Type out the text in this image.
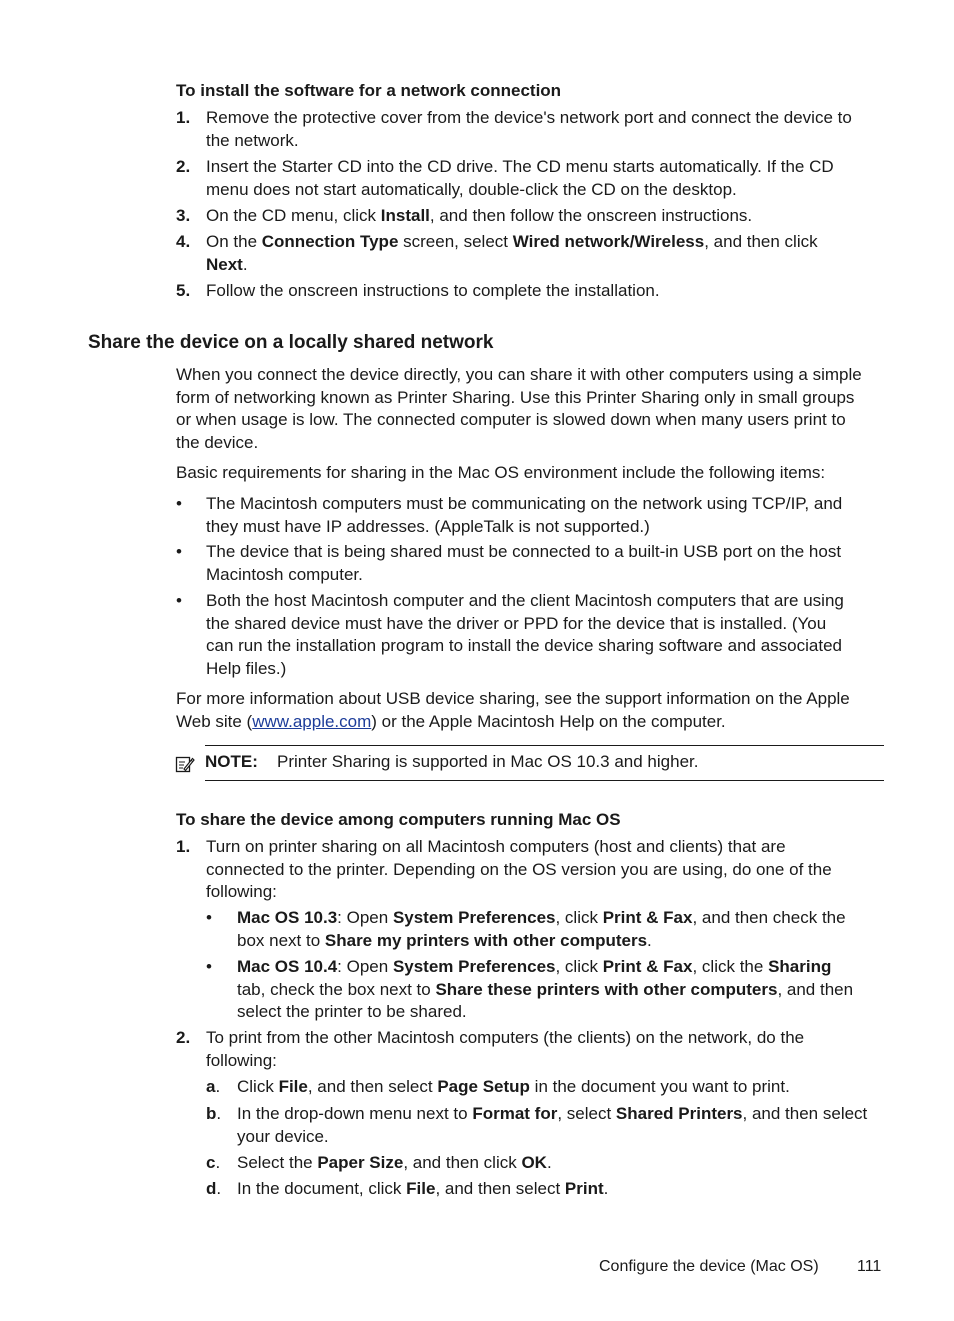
To install the software for a network connection
1. Remove the protective cover from the device's network port and connect the device to the network.
2. Insert the Starter CD into the CD drive. The CD menu starts automatically. If the CD menu does not start automatically, double-click the CD on the desktop.
3. On the CD menu, click Install, and then follow the onscreen instructions.
4. On the Connection Type screen, select Wired network/Wireless, and then click
Next.
5. Follow the onscreen instructions to complete the installation.
Share the device on a locally shared network
When you connect the device directly, you can share it with other computers using a simple form of networking known as Printer Sharing. Use this Printer Sharing only in small groups or when usage is low. The connected computer is slowed down when many users print to the device.
Basic requirements for sharing in the Mac OS environment include the following items:
•	The Macintosh computers must be communicating on the network using TCP/IP, and they must have IP addresses. (AppleTalk is not supported.)
•	The device that is being shared must be connected to a built-in USB port on the host Macintosh computer.
•	Both the host Macintosh computer and the client Macintosh computers that are using the shared device must have the driver or PPD for the device that is installed. (You can run the installation program to install the device sharing software and associated Help files.)
For more information about USB device sharing, see the support information on the Apple Web site (www.apple.com) or the Apple Macintosh Help on the computer.
NOTE: Printer Sharing is supported in Mac OS 10.3 and higher.
To share the device among computers running Mac OS
1. Turn on printer sharing on all Macintosh computers (host and clients) that are connected to the printer. Depending on the OS version you are using, do one of the following:
•	Mac OS 10.3: Open System Preferences, click Print & Fax, and then check the box next to Share my printers with other computers.
•	Mac OS 10.4: Open System Preferences, click Print & Fax, click the Sharing
tab, check the box next to Share these printers with other computers, and then select the printer to be shared.
2. To print from the other Macintosh computers (the clients) on the network, do the following:
a. Click File, and then select Page Setup in the document you want to print.
b. In the drop-down menu next to Format for, select Shared Printers, and then select your device.
c. Select the Paper Size, and then click OK.
d. In the document, click File, and then select Print.
Configure the device (Mac OS) 111
